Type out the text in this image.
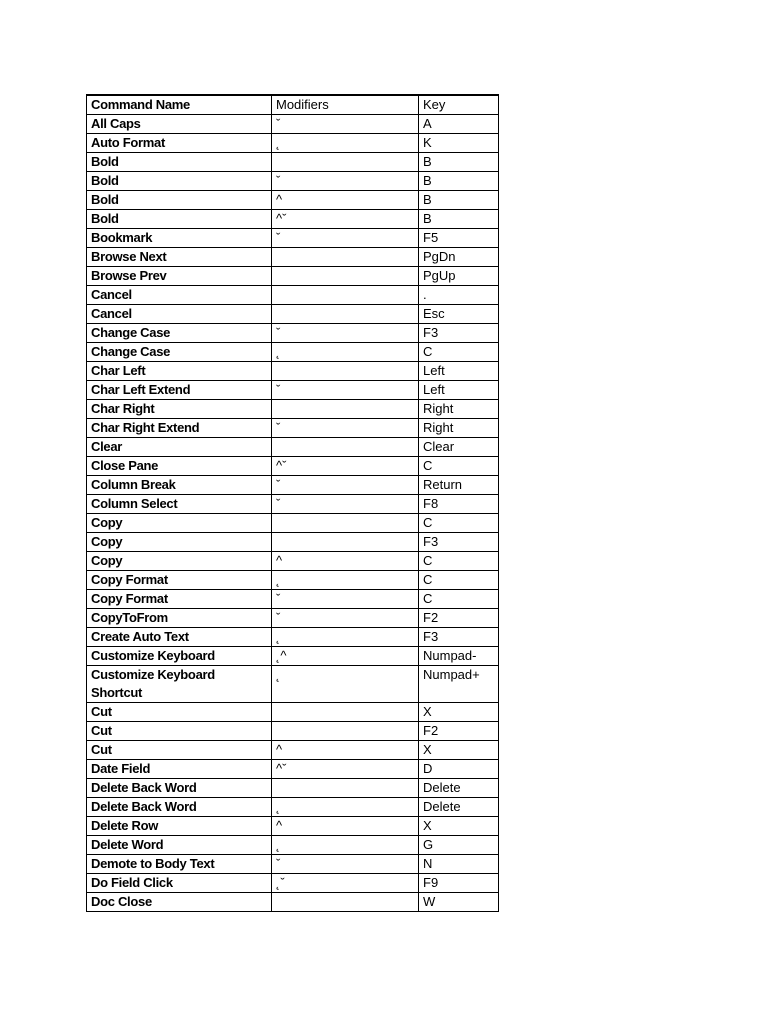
Command Name	Modifiers	Key
All Caps	ˇ	A
Auto Format	˛	K
Bold		B
Bold	ˇ	B
Bold	^	B
Bold	^ˇ	B
Bookmark	ˇ	F5
Browse Next		PgDn
Browse Prev		PgUp
Cancel		.
Cancel		Esc
Change Case	ˇ	F3
Change Case	˛	C
Char Left		Left
Char Left Extend	ˇ	Left
Char Right		Right
Char Right Extend	ˇ	Right
Clear		Clear
Close Pane	^ˇ	C
Column Break	ˇ	Return
Column Select	ˇ	F8
Copy		C
Copy		F3
Copy	^	C
Copy Format	˛	C
Copy Format	ˇ	C
CopyToFrom	ˇ	F2
Create Auto Text	˛	F3
Customize Keyboard	˛^	Numpad-
Customize Keyboard Shortcut	˛	Numpad+
Cut		X
Cut		F2
Cut	^	X
Date Field	^ˇ	D
Delete Back Word		Delete
Delete Back Word	˛	Delete
Delete Row	^	X
Delete Word	˛	G
Demote to Body Text	ˇ	N
Do Field Click	˛ˇ	F9
Doc Close		W
